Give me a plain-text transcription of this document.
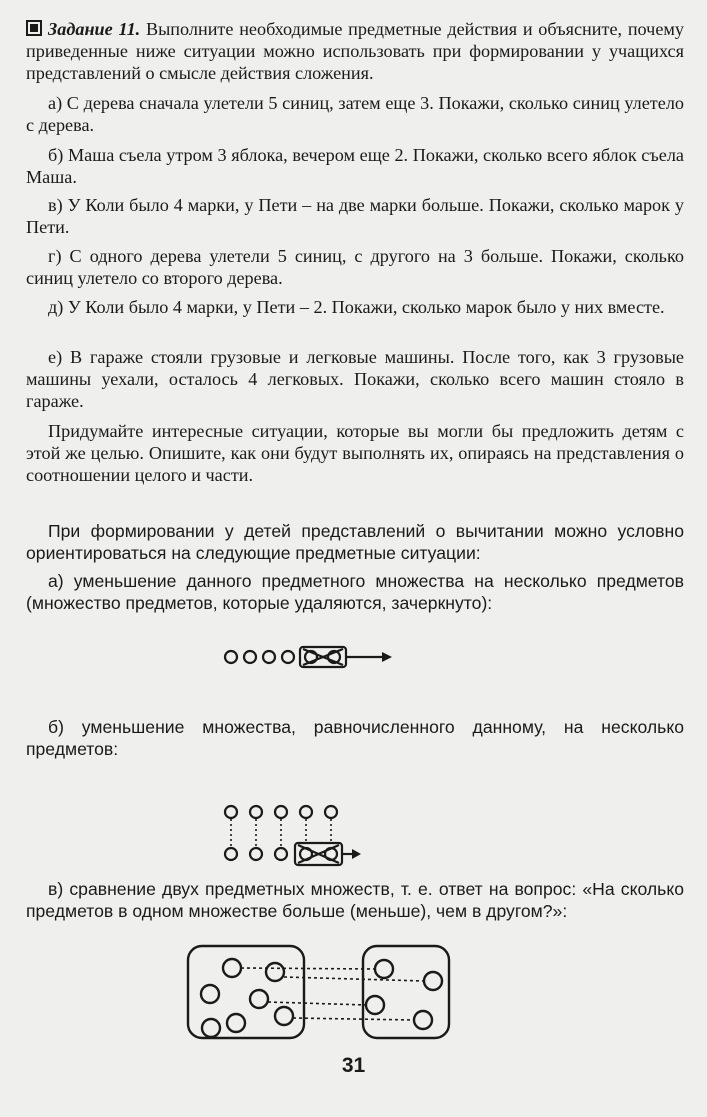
Задание 11. Выполните необходимые предметные действия и объясните, почему приведенные ниже ситуации можно использовать при формировании у учащихся представлений о смысле действия сложения.

а) С дерева сначала улетели 5 синиц, затем еще 3. Покажи, сколько синиц улетело с дерева.

б) Маша съела утром 3 яблока, вечером еще 2. Покажи, сколько всего яблок съела Маша.

в) У Коли было 4 марки, у Пети – на две марки больше. Покажи, сколько марок у Пети.

г) С одного дерева улетели 5 синиц, с другого на 3 больше. Покажи, сколько синиц улетело со второго дерева.

д) У Коли было 4 марки, у Пети – 2. Покажи, сколько марок было у них вместе.

е) В гараже стояли грузовые и легковые машины. После того, как 3 грузовые машины уехали, осталось 4 легковых. Покажи, сколько всего машин стояло в гараже.

Придумайте интересные ситуации, которые вы могли бы предложить детям с этой же целью. Опишите, как они будут выполнять их, опираясь на представления о соотношении целого и части.

При формировании у детей представлений о вычитании можно условно ориентироваться на следующие предметные ситуации:

а) уменьшение данного предметного множества на несколько предметов (множество предметов, которые удаляются, зачеркнуто):

б) уменьшение множества, равночисленного данному, на несколько предметов:

в) сравнение двух предметных множеств, т. е. ответ на вопрос: «На сколько предметов в одном множестве больше (меньше), чем в другом?»:

31
